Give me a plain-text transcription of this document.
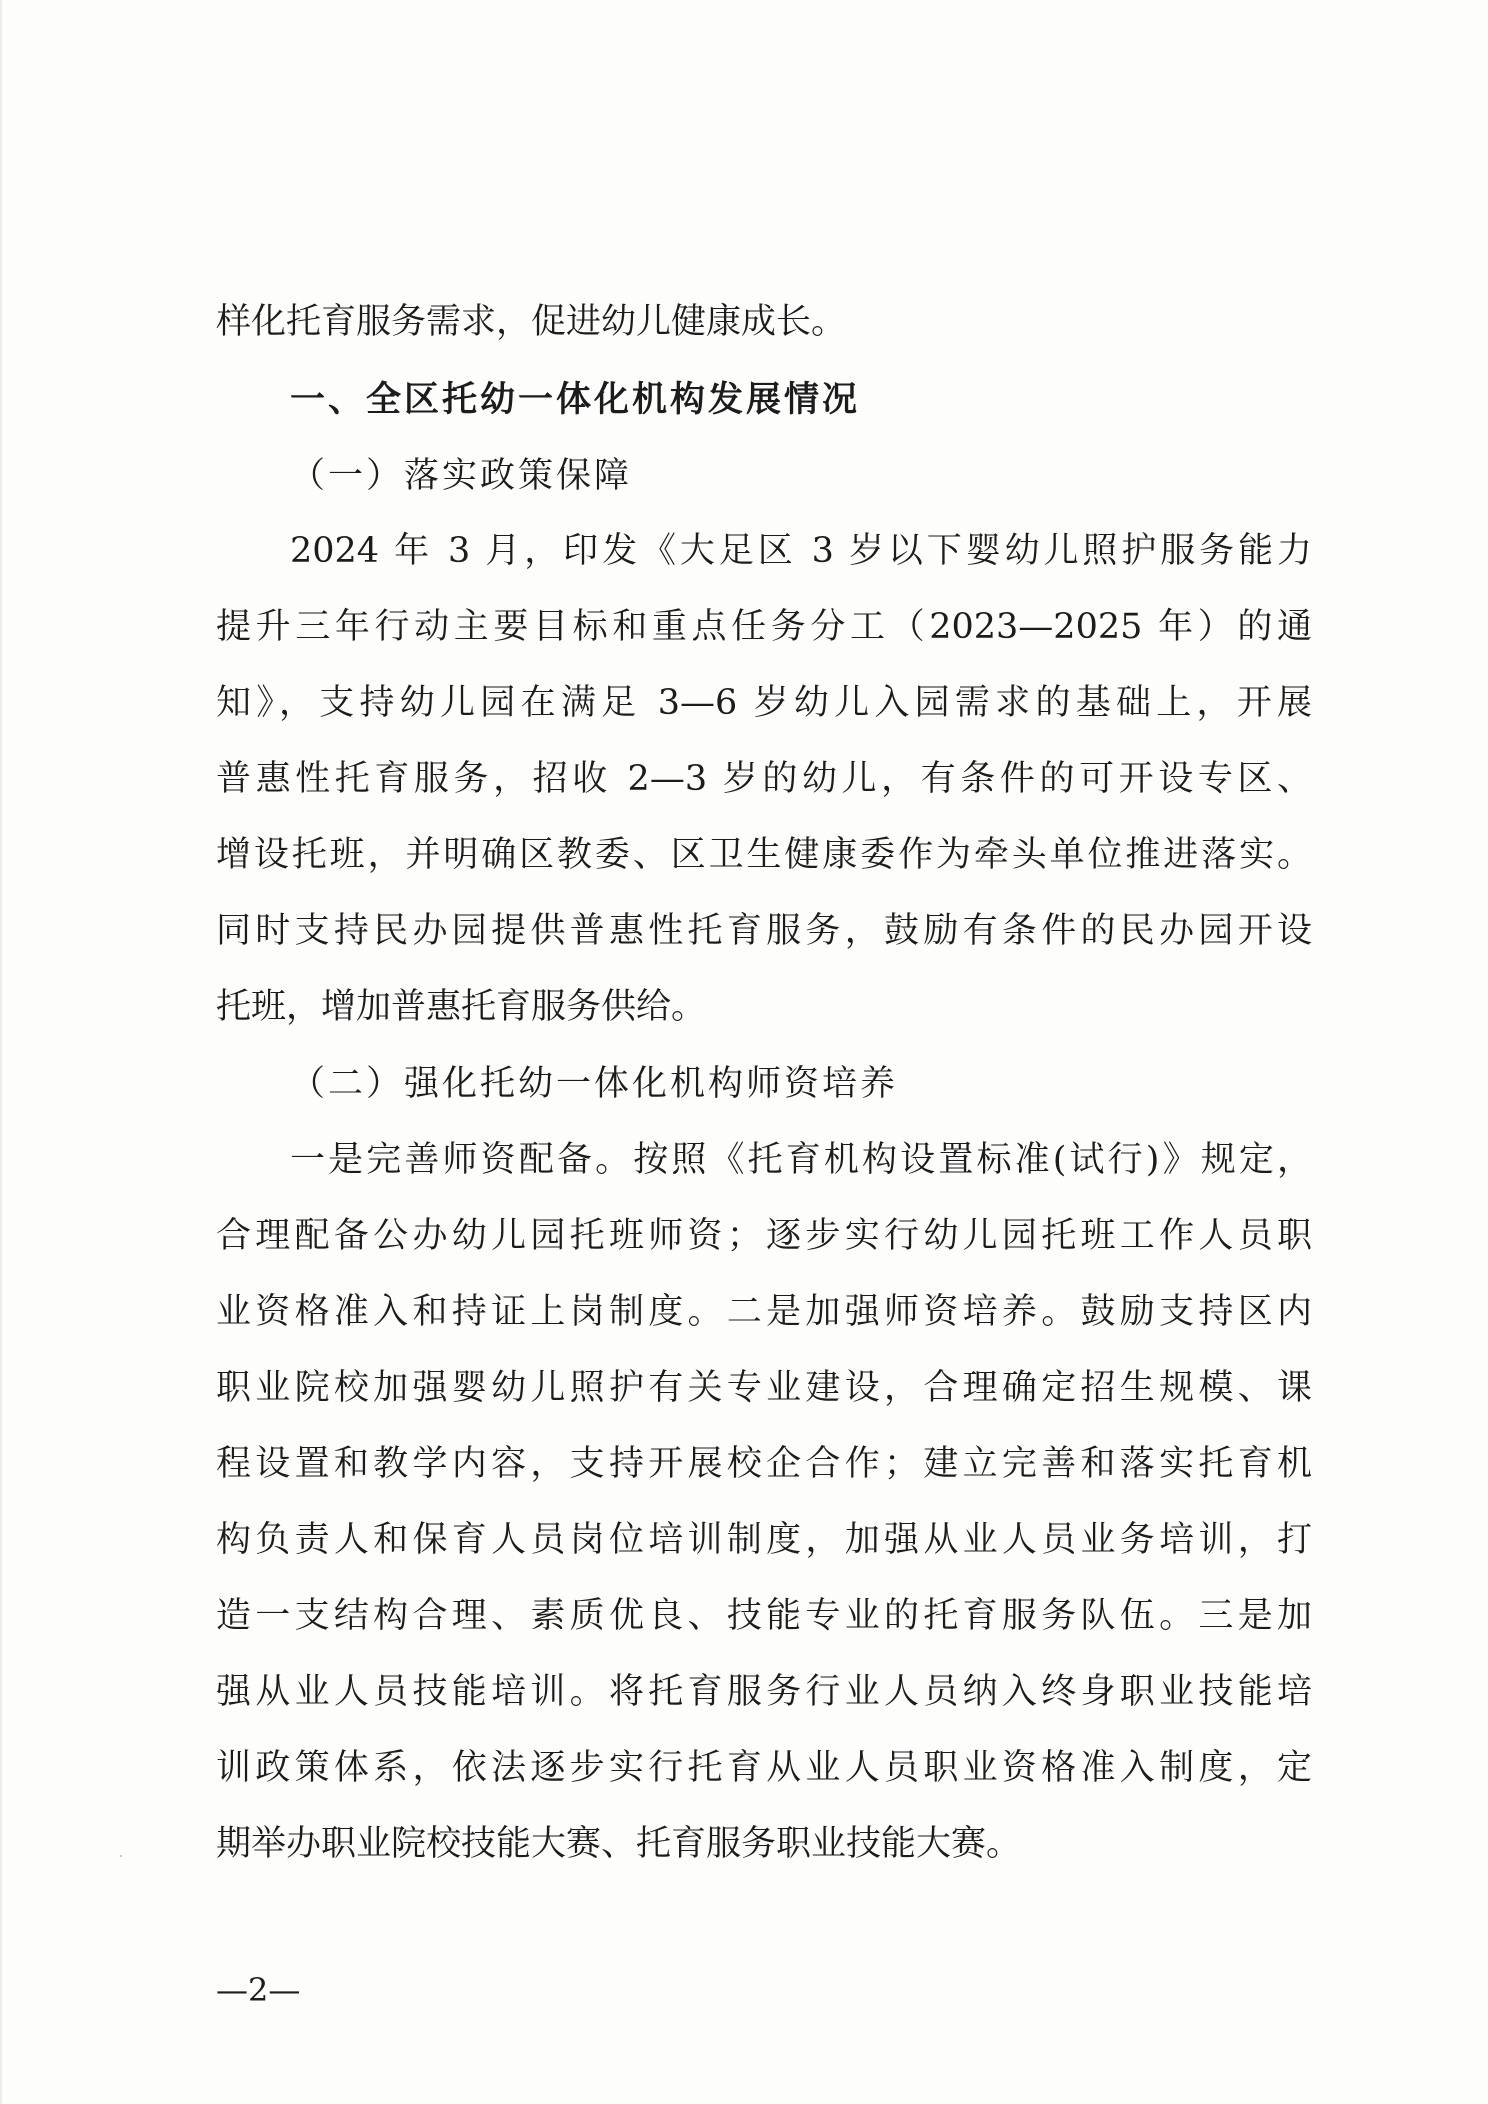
样化托育服务需求，促进幼儿健康成长。
一、全区托幼一体化机构发展情况
（一）落实政策保障
2024 年 3 月，印发《大足区 3 岁以下婴幼儿照护服务能力
提升三年行动主要目标和重点任务分工（2023—2025 年）的通
知》，支持幼儿园在满足 3—6 岁幼儿入园需求的基础上，开展
普惠性托育服务，招收 2—3 岁的幼儿，有条件的可开设专区、
增设托班，并明确区教委、区卫生健康委作为牵头单位推进落实。
同时支持民办园提供普惠性托育服务，鼓励有条件的民办园开设
托班，增加普惠托育服务供给。
（二）强化托幼一体化机构师资培养
一是完善师资配备。按照《托育机构设置标准(试行)》规定，
合理配备公办幼儿园托班师资；逐步实行幼儿园托班工作人员职
业资格准入和持证上岗制度。二是加强师资培养。鼓励支持区内
职业院校加强婴幼儿照护有关专业建设，合理确定招生规模、课
程设置和教学内容，支持开展校企合作；建立完善和落实托育机
构负责人和保育人员岗位培训制度，加强从业人员业务培训，打
造一支结构合理、素质优良、技能专业的托育服务队伍。三是加
强从业人员技能培训。将托育服务行业人员纳入终身职业技能培
训政策体系，依法逐步实行托育从业人员职业资格准入制度，定
期举办职业院校技能大赛、托育服务职业技能大赛。
—2—
